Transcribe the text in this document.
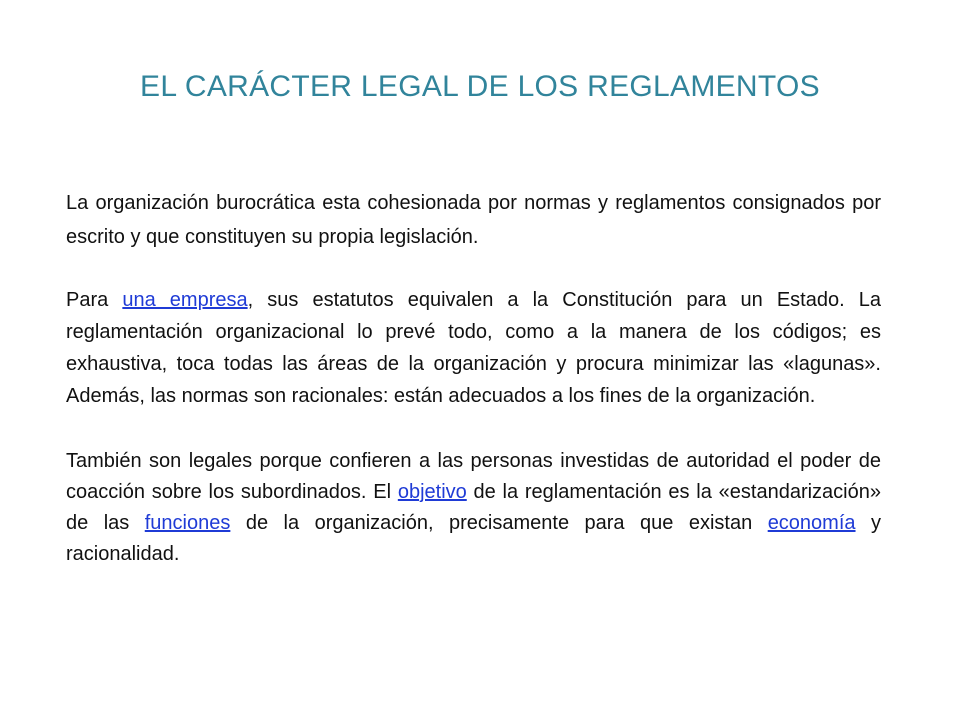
EL CARÁCTER LEGAL DE LOS REGLAMENTOS

La organización burocrática esta cohesionada por normas y reglamentos consignados por escrito y que constituyen su propia legislación.

Para una empresa, sus estatutos equivalen a la Constitución para un Estado. La reglamentación organizacional lo prevé todo, como a la manera de los códigos; es exhaustiva, toca todas las áreas de la organización y procura minimizar las «lagunas». Además, las normas son racionales: están adecuados a los fines de la organización.

También son legales porque confieren a las personas investidas de autoridad el poder de coacción sobre los subordinados. El objetivo de la reglamentación es la «estandarización» de las funciones de la organización, precisamente para que existan economía y racionalidad.
